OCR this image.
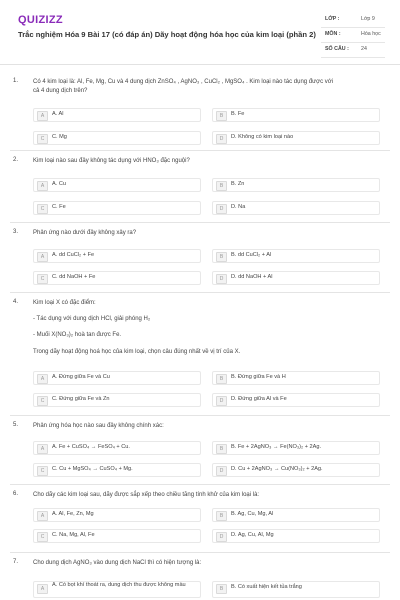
QUIZIZZ
Trắc nghiệm Hóa 9 Bài 17 (có đáp án) Dãy hoạt động hóa học của kim loại (phần 2)
LỚP :	Lớp 9
MÔN :	Hóa học
SỐ CÂU : 24
1. Có 4 kim loại là: Al, Fe, Mg, Cu và 4 dung dịch ZnSO₄ , AgNO₃ , CuCl₂ , MgSO₄ . Kim loại nào tác dụng được với
cả 4 dung dịch trên?
A	A. Al	B	B. Fe
C	C. Mg	D	D. Không có kim loại nào
2. Kim loại nào sau đây không tác dụng với HNO₃ đặc nguội?
A	A. Cu	B	B. Zn
C	C. Fe	D	D. Na
3. Phản ứng nào dưới đây không xảy ra?
A	A. dd CuCl₂ + Fe	B	B. dd CuCl₂ + Al
C	C. dd NaOH + Fe	D	D. dd NaOH + Al
4. Kim loại X có đặc điểm:
- Tác dụng với dung dịch HCl, giải phóng H₂
- Muối X(NO₃)₂ hoà tan được Fe.
Trong dãy hoạt động hoá học của kim loại, chọn câu đúng nhất về vị trí của X.
A	A. Đứng giữa Fe và Cu	B	B. Đứng giữa Fe và H
C	C. Đứng giữa Fe và Zn	D	D. Đứng giữa Al và Fe
5. Phản ứng hóa học nào sau đây không chính xác:
A	A. Fe + CuSO₄ → FeSO₄ + Cu.	B	B. Fe + 2AgNO₃ → Fe(NO₃)₂ + 2Ag.
C	C. Cu + MgSO₄ → CuSO₄ + Mg.	D	D. Cu + 2AgNO₃ → Cu(NO₃)₂ + 2Ag.
6. Cho dãy các kim loại sau, dãy được sắp xếp theo chiều tăng tính khử của kim loại là:
A	A. Al, Fe, Zn, Mg	B	B. Ag, Cu, Mg, Al
C	C. Na, Mg, Al, Fe	D	D. Ag, Cu, Al, Mg
7. Cho dung dịch AgNO₃ vào dung dịch NaCl thì có hiện tượng là:
A
A. Có bọt khí thoát ra, dung dịch thu được không màu
B	B. Có xuất hiện kết tủa trắng
